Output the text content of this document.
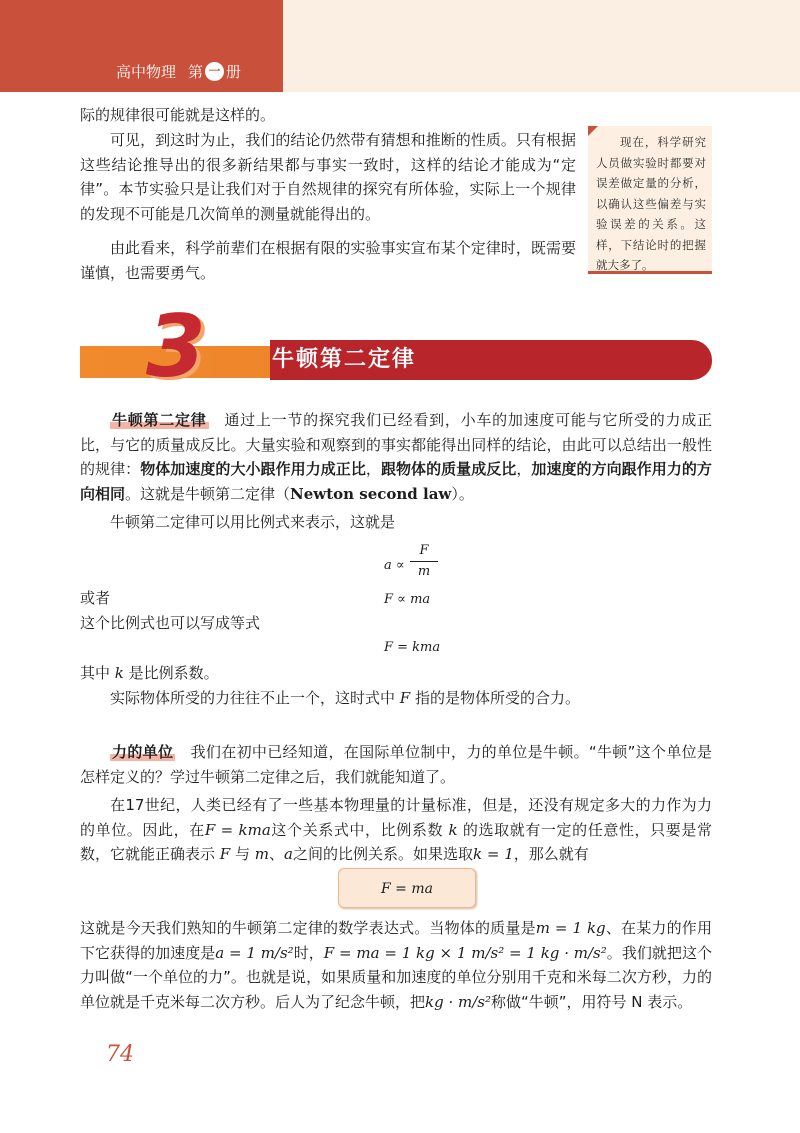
高中物理 第 一 册
际的规律很可能就是这样的。
可见，到这时为止，我们的结论仍然带有猜想和推断的性质。只有根据这些结论推导出的很多新结果都与事实一致时，这样的结论才能成为“定律”。本节实验只是让我们对于自然规律的探究有所体验，实际上一个规律的发现不可能是几次简单的测量就能得出的。
由此看来，科学前辈们在根据有限的实验事实宣布某个定律时，既需要谨慎，也需要勇气。
现在，科学研究人员做实验时都要对误差做定量的分析，以确认这些偏差与实验误差的关系。这样，下结论时的把握就大多了。
3	牛顿第二定律
牛顿第二定律　 通过上一节的探究我们已经看到，小车的加速度可能与它所受的力成正比，与它的质量成反比。大量实验和观察到的事实都能得出同样的结论，由此可以总结出一般性的规律：物体加速度的大小跟作用力成正比，跟物体的质量成反比，加速度的方向跟作用力的方向相同。这就是牛顿第二定律（Newton second law）。
牛顿第二定律可以用比例式来表示，这就是
a ∝
F
m
或者	F ∝ ma
这个比例式也可以写成等式
F = kma
其中 k 是比例系数。
实际物体所受的力往往不止一个，这时式中 F 指的是物体所受的合力。
力的单位　 我们在初中已经知道，在国际单位制中，力的单位是牛顿。“牛顿”这个单位是怎样定义的？学过牛顿第二定律之后，我们就能知道了。
在17世纪，人类已经有了一些基本物理量的计量标准，但是，还没有规定多大的力作为力的单位。因此，在F = kma这个关系式中，比例系数 k 的选取就有一定的任意性，只要是常数，它就能正确表示 F 与 m、a之间的比例关系。如果选取k = 1，那么就有
F = ma
这就是今天我们熟知的牛顿第二定律的数学表达式。当物体的质量是m = 1 kg、在某力的作用下它获得的加速度是a = 1 m/s²时，F = ma = 1 kg × 1 m/s² = 1 kg · m/s²。我们就把这个力叫做“一个单位的力”。也就是说，如果质量和加速度的单位分别用千克和米每二次方秒，力的单位就是千克米每二次方秒。后人为了纪念牛顿，把kg · m/s²称做“牛顿”，用符号 N 表示。
74
